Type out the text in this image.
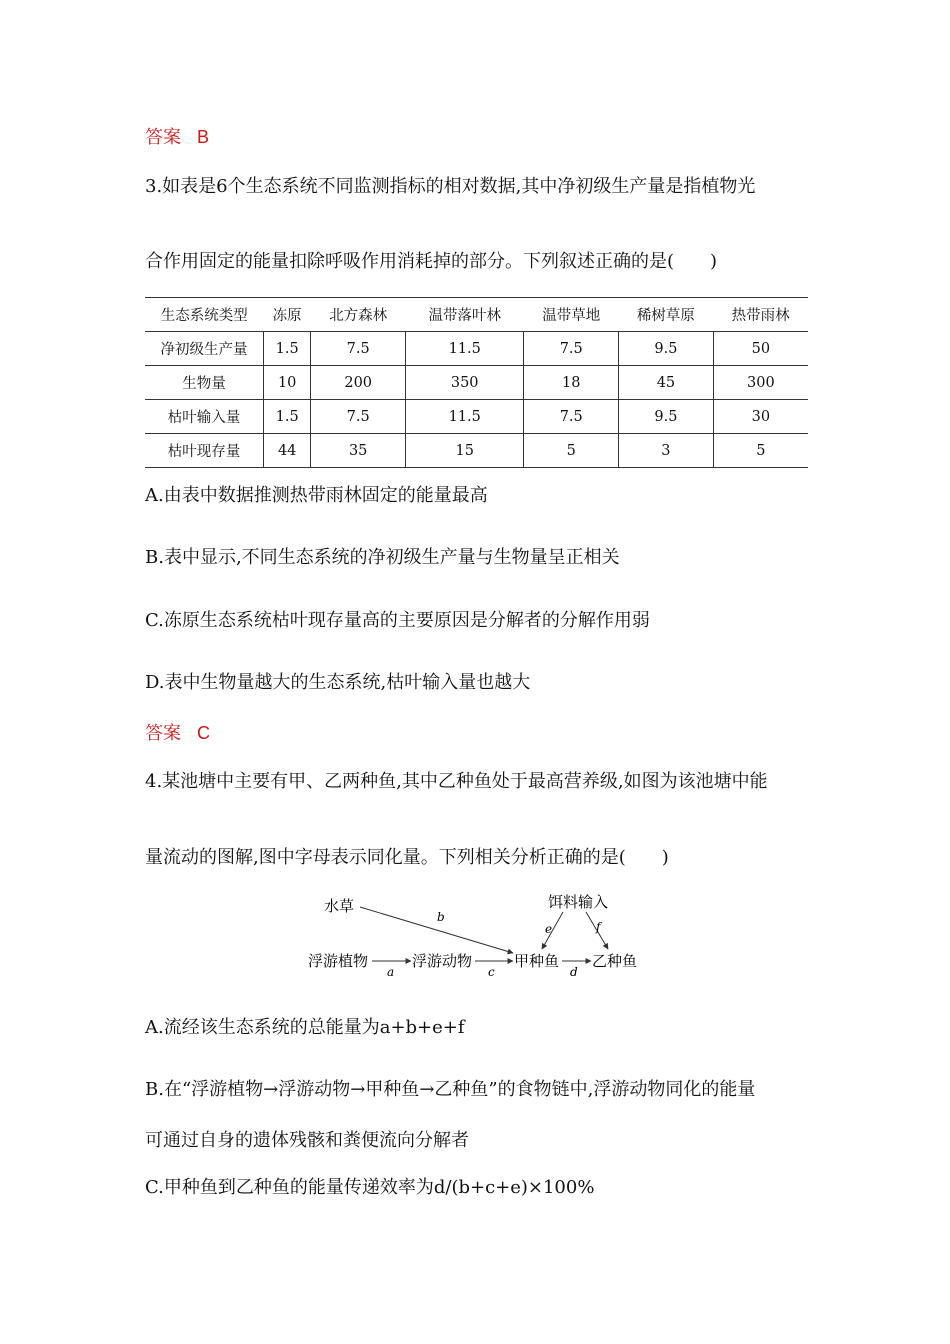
答案 B
3.如表是6个生态系统不同监测指标的相对数据,其中净初级生产量是指植物光
合作用固定的能量扣除呼吸作用消耗掉的部分。下列叙述正确的是(　　)
生态系统类型	冻原	北方森林	温带落叶林	温带草地	稀树草原	热带雨林
净初级生产量	1.5	7.5	11.5	7.5	9.5	50
生物量	10	200	350	18	45	300
枯叶输入量	1.5	7.5	11.5	7.5	9.5	30
枯叶现存量	44	35	15	5	3	5
A.由表中数据推测热带雨林固定的能量最高
B.表中显示,不同生态系统的净初级生产量与生物量呈正相关
C.冻原生态系统枯叶现存量高的主要原因是分解者的分解作用弱
D.表中生物量越大的生态系统,枯叶输入量也越大
答案 C
4.某池塘中主要有甲、乙两种鱼,其中乙种鱼处于最高营养级,如图为该池塘中能
量流动的图解,图中字母表示同化量。下列相关分析正确的是(　　)
水草	饵料输入
浮游植物	浮游动物	甲种鱼 乙种鱼
b
a	c	d
e	f
A.流经该生态系统的总能量为a+b+e+f
B.在“浮游植物→浮游动物→甲种鱼→乙种鱼”的食物链中,浮游动物同化的能量
可通过自身的遗体残骸和粪便流向分解者
C.甲种鱼到乙种鱼的能量传递效率为d/(b+c+e)×100%
